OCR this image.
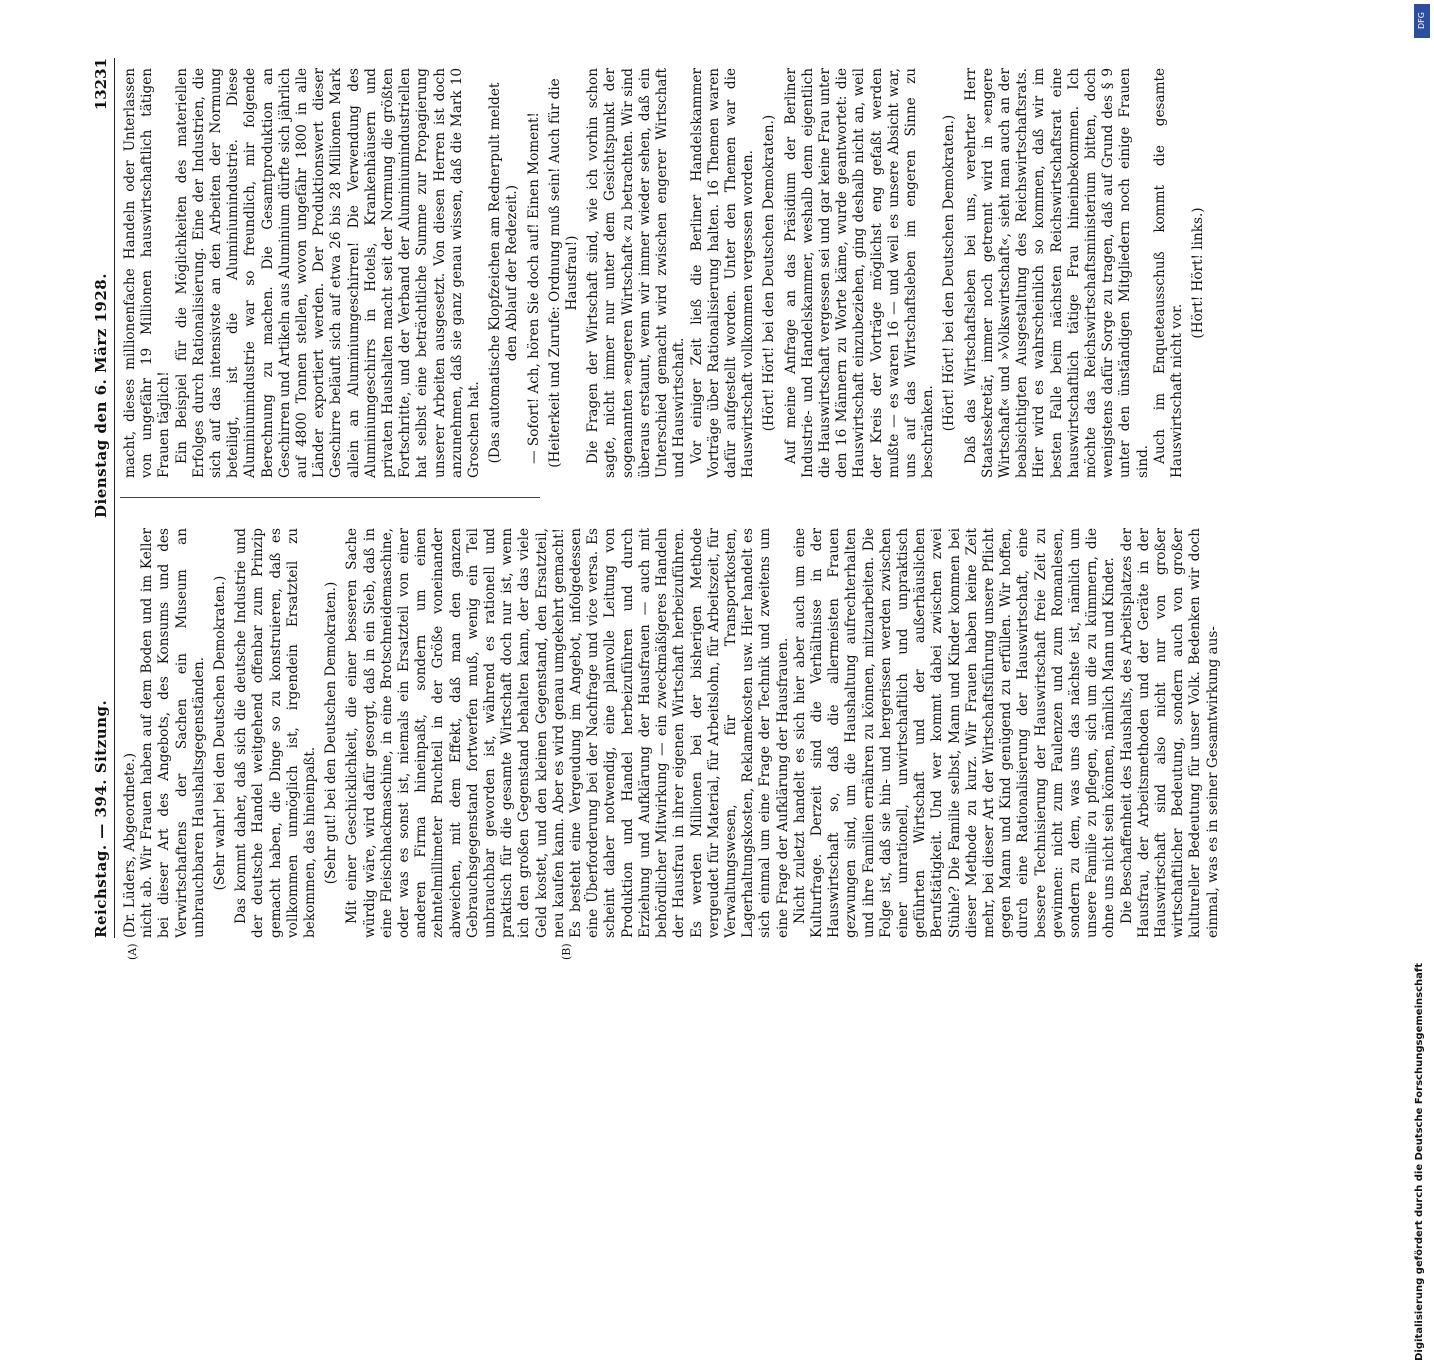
Reichstag. — 394. Sitzung.
Dienstag den 6. März 1928.
13231
(A)	(B)

(Dr. Lüders, Abgeordnete.) nicht ab. Wir Frauen haben auf dem Boden und im Keller bei dieser Art des Angebots, des Konsums und des Verwirtschaftens der Sachen ein Museum an unbrauchbaren Haushaltsgegenständen. (Sehr wahr! bei den Deutschen Demokraten.) Das kommt daher, daß sich die deutsche Industrie und der deutsche Handel weitgehend offenbar zum Prinzip gemacht haben, die Dinge so zu konstruieren, daß es vollkommen unmöglich ist, irgendein Ersatzteil zu bekommen, das hineinpaßt. (Sehr gut! bei den Deutschen Demokraten.) Mit einer Geschicklichkeit, die einer besseren Sache würdig wäre, wird dafür gesorgt, daß in ein Sieb, daß in eine Fleischhackmaschine, in eine Brotschneidemaschine, oder was es sonst ist, niemals ein Ersatzteil von einer anderen Firma hineinpaßt, sondern um einen zehntelmillimeter Bruchteil in der Größe voneinander abweichen, mit dem Effekt, daß man den ganzen Gebrauchsgegenstand fortwerfen muß, wenig ein Teil unbrauchbar geworden ist, während es rationell und praktisch für die gesamte Wirtschaft doch nur ist, wenn ich den großen Gegenstand behalten kann, der das viele Geld kostet, und den kleinen Gegenstand, den Ersatzteil, neu kaufen kann. Aber es wird genau umgekehrt gemacht! Es besteht eine Vergeudung im Angebot, infolgedessen eine Überforderung bei der Nachfrage und vice versa. Es scheint daher notwendig, eine planvolle Leitung von Produktion und Handel herbeizuführen und durch Erziehung und Aufklärung der Hausfrauen — auch mit behördlicher Mitwirkung — ein zweckmäßigeres Handeln der Hausfrau in ihrer eigenen Wirtschaft herbeizuführen. Es werden Millionen bei der bisherigen Methode vergeudet für Material, für Arbeitslohn, für Arbeitszeit, für Verwaltungswesen, für Transportkosten, Lagerhaltungskosten, Reklamekosten usw. Hier handelt es sich einmal um eine Frage der Technik und zweitens um eine Frage der Aufklärung der Hausfrauen. Nicht zuletzt handelt es sich hier aber auch um eine Kulturfrage. Derzeit sind die Verhältnisse in der Hauswirtschaft so, daß die allermeisten Frauen gezwungen sind, um die Haushaltung aufrechterhalten und ihre Familien ernähren zu können, mitzuarbeiten. Die Folge ist, daß sie hin- und hergerissen werden zwischen einer unrationell, unwirtschaftlich und unpraktisch geführten Wirtschaft und der außerhäuslichen Berufstätigkeit. Und wer kommt dabei zwischen zwei Stühle? Die Familie selbst, Mann und Kinder kommen bei dieser Methode zu kurz. Wir Frauen haben keine Zeit mehr, bei dieser Art der Wirtschaftsführung unsere Pflicht gegen Mann und Kind genügend zu erfüllen. Wir hoffen, durch eine Rationalisierung der Hauswirtschaft, eine bessere Technisierung der Hauswirtschaft freie Zeit zu gewinnen: nicht zum Faulenzen und zum Romanlesen, sondern zu dem, was uns das nächste ist, nämlich um unsere Familie zu pflegen, sich um die zu kümmern, die ohne uns nicht sein können, nämlich Mann und Kinder. Die Beschaffenheit des Haushalts, des Arbeitsplatzes der Hausfrau, der Arbeitsmethoden und der Geräte in der Hauswirtschaft sind also nicht nur von großer wirtschaftlicher Bedeutung, sondern auch von großer kultureller Bedeutung für unser Volk. Bedenken wir doch einmal, was es in seiner Gesamtwirkung aus-

macht, dieses millionenfache Handeln oder Unterlassen von ungefähr 19 Millionen hauswirtschaftlich tätigen Frauen täglich! Ein Beispiel für die Möglichkeiten des materiellen Erfolges durch Rationalisierung. Eine der Industrien, die sich auf das intensivste an den Arbeiten der Normung beteiligt, ist die Aluminiumindustrie. Diese Aluminiumindustrie war so freundlich, mir folgende Berechnung zu machen. Die Gesamtproduktion an Geschirren und Artikeln aus Aluminium dürfte sich jährlich auf 4800 Tonnen stellen, wovon ungefähr 1800 in alle Länder exportiert werden. Der Produktionswert dieser Geschirre beläuft sich auf etwa 26 bis 28 Millionen Mark allein an Aluminiumgeschirren! Die Verwendung des Aluminiumgeschirrs in Hotels, Krankenhäusern und privaten Haushalten macht seit der Normung die größten Fortschritte, und der Verband der Aluminiumindustriellen hat selbst eine beträchtliche Summe zur Propagierung unserer Arbeiten ausgesetzt. Von diesen Herren ist doch anzunehmen, daß sie ganz genau wissen, daß die Mark 10 Groschen hat. (Das automatische Klopfzeichen am Rednerpult meldet den Ablauf der Redezeit.) — Sofort! Ach, hören Sie doch auf! Einen Moment! (Heiterkeit und Zurufe: Ordnung muß sein! Auch für die Hausfrau!) Die Fragen der Wirtschaft sind, wie ich vorhin schon sagte, nicht immer nur unter dem Gesichtspunkt der sogenannten »engeren Wirtschaft« zu betrachten. Wir sind überaus erstaunt, wenn wir immer wieder sehen, daß ein Unterschied gemacht wird zwischen engerer Wirtschaft und Hauswirtschaft. Vor einiger Zeit ließ die Berliner Handelskammer Vorträge über Rationalisierung halten. 16 Themen waren dafür aufgestellt worden. Unter den Themen war die Hauswirtschaft vollkommen vergessen worden. (Hört! Hört! bei den Deutschen Demokraten.) Auf meine Anfrage an das Präsidium der Berliner Industrie- und Handelskammer, weshalb denn eigentlich die Hauswirtschaft vergessen sei und gar keine Frau unter den 16 Männern zu Worte käme, wurde geantwortet: die Hauswirtschaft einzubeziehen, ging deshalb nicht an, weil der Kreis der Vorträge möglichst eng gefaßt werden mußte — es waren 16 — und weil es unsere Absicht war, uns auf das Wirtschaftsleben im engeren Sinne zu beschränken.

(Hört! Hört! bei den Deutschen Demokraten.) Daß das Wirtschaftsleben bei uns, verehrter Herr Staatssekretär, immer noch getrennt wird in »engere Wirtschaft« und »Volkswirtschaft«, sieht man auch an der beabsichtigten Ausgestaltung des Reichswirtschaftsrats. Hier wird es wahrscheinlich so kommen, daß wir im besten Falle beim nächsten Reichswirtschaftsrat eine hauswirtschaftlich tätige Frau hineinbekommen. Ich möchte das Reichswirtschaftsministerium bitten, doch wenigstens dafür Sorge zu tragen, daß auf Grund des § 9 unter den ünständigen Mitgliedern noch einige Frauen sind. Auch im Enqueteausschuß kommt die gesamte Hauswirtschaft nicht vor.

(Hört! Hört! links.)

DFG
Digitalisierung gefördert durch die Deutsche Forschungsgemeinschaft
